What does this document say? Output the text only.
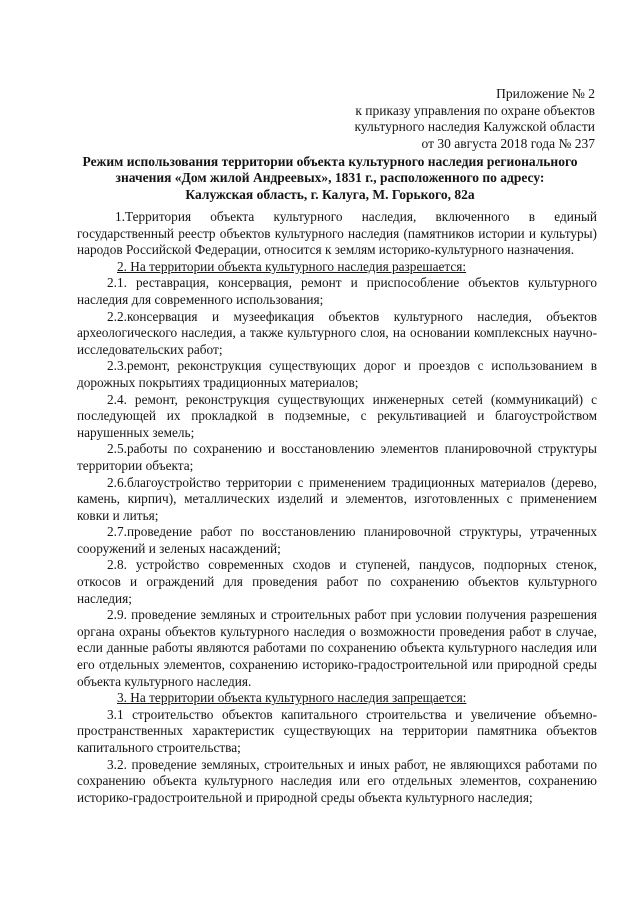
Приложение № 2
к приказу управления по охране объектов
культурного наследия Калужской области
от 30 августа 2018 года № 237
Режим использования территории объекта культурного наследия регионального
значения «Дом жилой Андреевых», 1831 г., расположенного по адресу:
Калужская область, г. Калуга, М. Горького, 82а

1.Территория объекта культурного наследия, включенного в единый государственный реестр объектов культурного наследия (памятников истории и культуры) народов Российской Федерации, относится к землям историко-культурного назначения.

2. На территории объекта культурного наследия разрешается:

2.1. реставрация, консервация, ремонт и приспособление объектов культурного наследия для современного использования;

2.2.консервация и музеефикация объектов культурного наследия, объектов археологического наследия, а также культурного слоя, на основании комплексных научно-исследовательских работ;

2.3.ремонт, реконструкция существующих дорог и проездов с использованием в дорожных покрытиях традиционных материалов;

2.4. ремонт, реконструкция существующих инженерных сетей (коммуникаций) с последующей их прокладкой в подземные, с рекультивацией и благоустройством нарушенных земель;

2.5.работы по сохранению и восстановлению элементов планировочной структуры территории объекта;

2.6.благоустройство территории с применением традиционных материалов (дерево, камень, кирпич), металлических изделий и элементов, изготовленных с применением ковки и литья;

2.7.проведение работ по восстановлению планировочной структуры, утраченных сооружений и зеленых насаждений;

2.8. устройство современных сходов и ступеней, пандусов, подпорных стенок, откосов и ограждений для проведения работ по сохранению объектов культурного наследия;

2.9. проведение земляных и строительных работ при условии получения разрешения органа охраны объектов культурного наследия о возможности проведения работ в случае, если данные работы являются работами по сохранению объекта культурного наследия или его отдельных элементов, сохранению историко-градостроительной или природной среды объекта культурного наследия.

3. На территории объекта культурного наследия запрещается:

3.1 строительство объектов капитального строительства и увеличение объемно-пространственных характеристик существующих на территории памятника объектов капитального строительства;

3.2. проведение земляных, строительных и иных работ, не являющихся работами по сохранению объекта культурного наследия или его отдельных элементов, сохранению историко-градостроительной и природной среды объекта культурного наследия;
